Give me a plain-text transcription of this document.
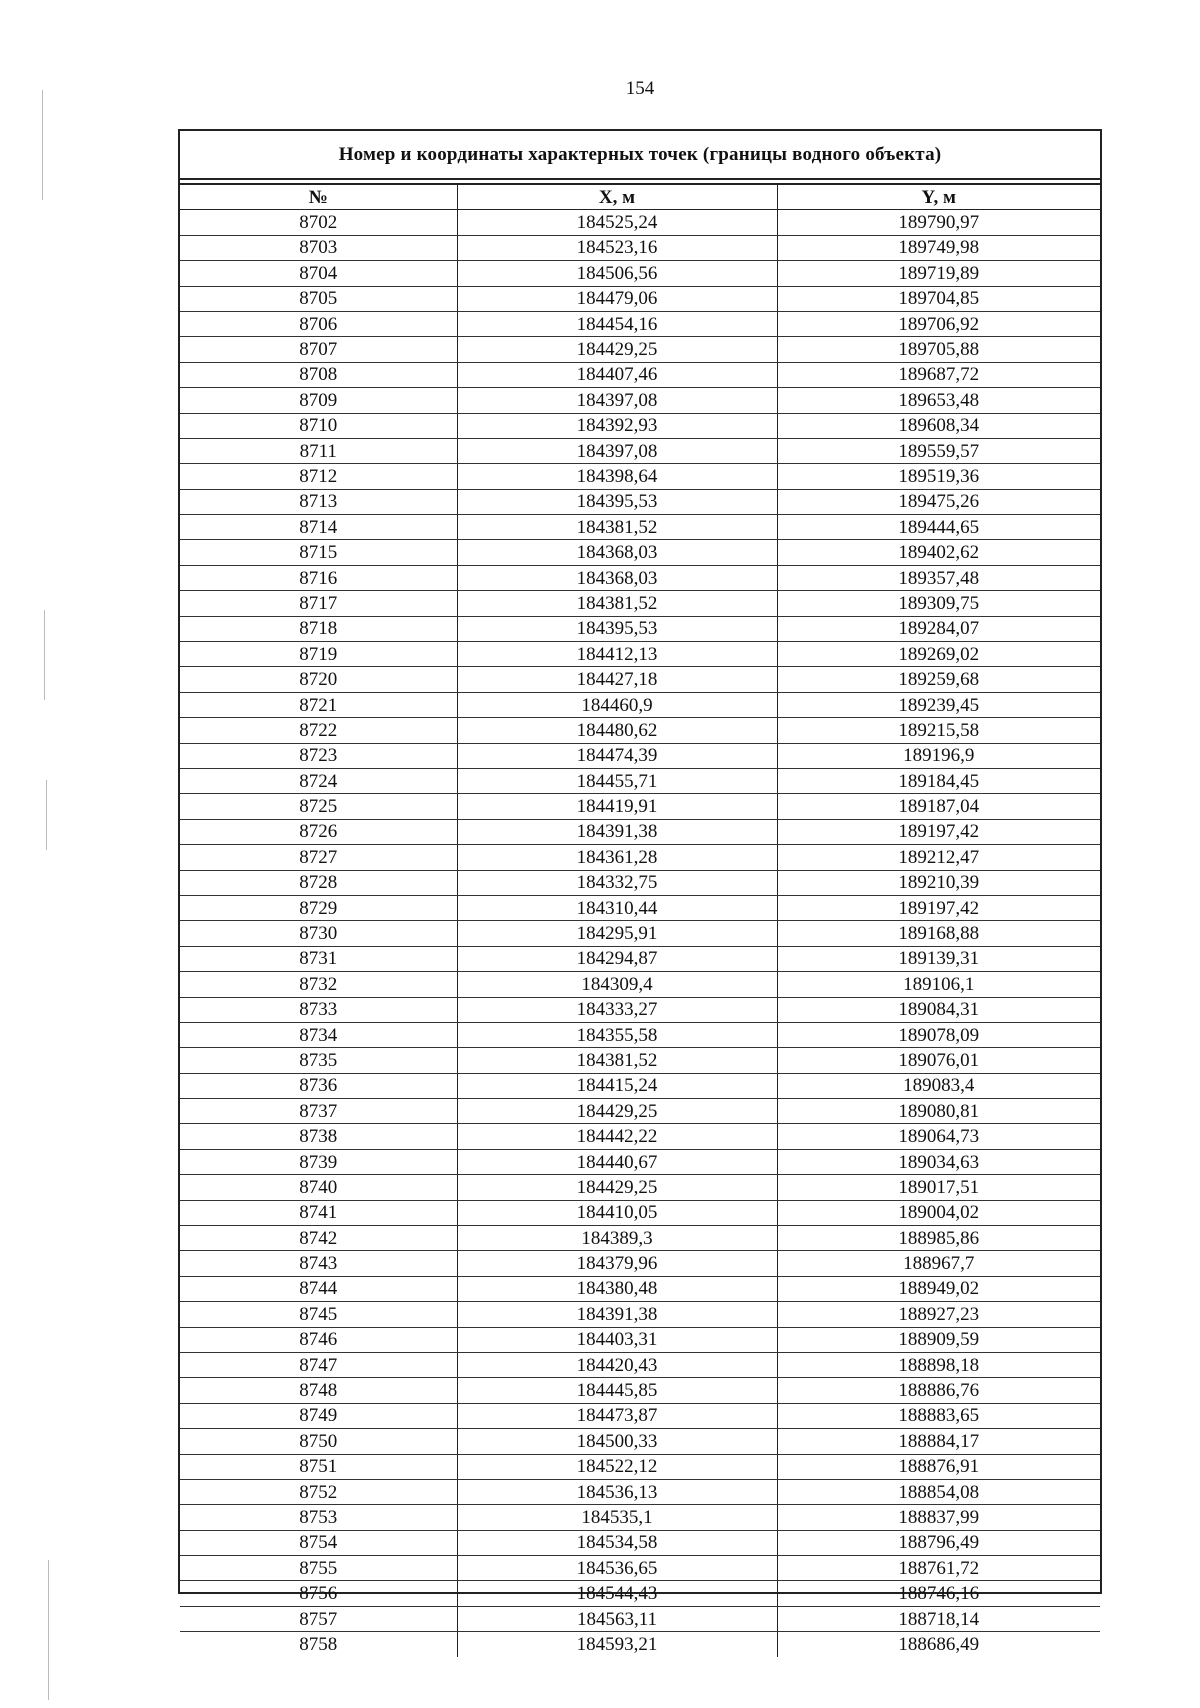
154
Номер и координаты характерных точек (границы водного объекта)
№	X, м	Y, м
8702	184525,24	189790,97
8703	184523,16	189749,98
8704	184506,56	189719,89
8705	184479,06	189704,85
8706	184454,16	189706,92
8707	184429,25	189705,88
8708	184407,46	189687,72
8709	184397,08	189653,48
8710	184392,93	189608,34
8711	184397,08	189559,57
8712	184398,64	189519,36
8713	184395,53	189475,26
8714	184381,52	189444,65
8715	184368,03	189402,62
8716	184368,03	189357,48
8717	184381,52	189309,75
8718	184395,53	189284,07
8719	184412,13	189269,02
8720	184427,18	189259,68
8721	184460,9	189239,45
8722	184480,62	189215,58
8723	184474,39	189196,9
8724	184455,71	189184,45
8725	184419,91	189187,04
8726	184391,38	189197,42
8727	184361,28	189212,47
8728	184332,75	189210,39
8729	184310,44	189197,42
8730	184295,91	189168,88
8731	184294,87	189139,31
8732	184309,4	189106,1
8733	184333,27	189084,31
8734	184355,58	189078,09
8735	184381,52	189076,01
8736	184415,24	189083,4
8737	184429,25	189080,81
8738	184442,22	189064,73
8739	184440,67	189034,63
8740	184429,25	189017,51
8741	184410,05	189004,02
8742	184389,3	188985,86
8743	184379,96	188967,7
8744	184380,48	188949,02
8745	184391,38	188927,23
8746	184403,31	188909,59
8747	184420,43	188898,18
8748	184445,85	188886,76
8749	184473,87	188883,65
8750	184500,33	188884,17
8751	184522,12	188876,91
8752	184536,13	188854,08
8753	184535,1	188837,99
8754	184534,58	188796,49
8755	184536,65	188761,72
8756	184544,43	188746,16
8757	184563,11	188718,14
8758	184593,21	188686,49
